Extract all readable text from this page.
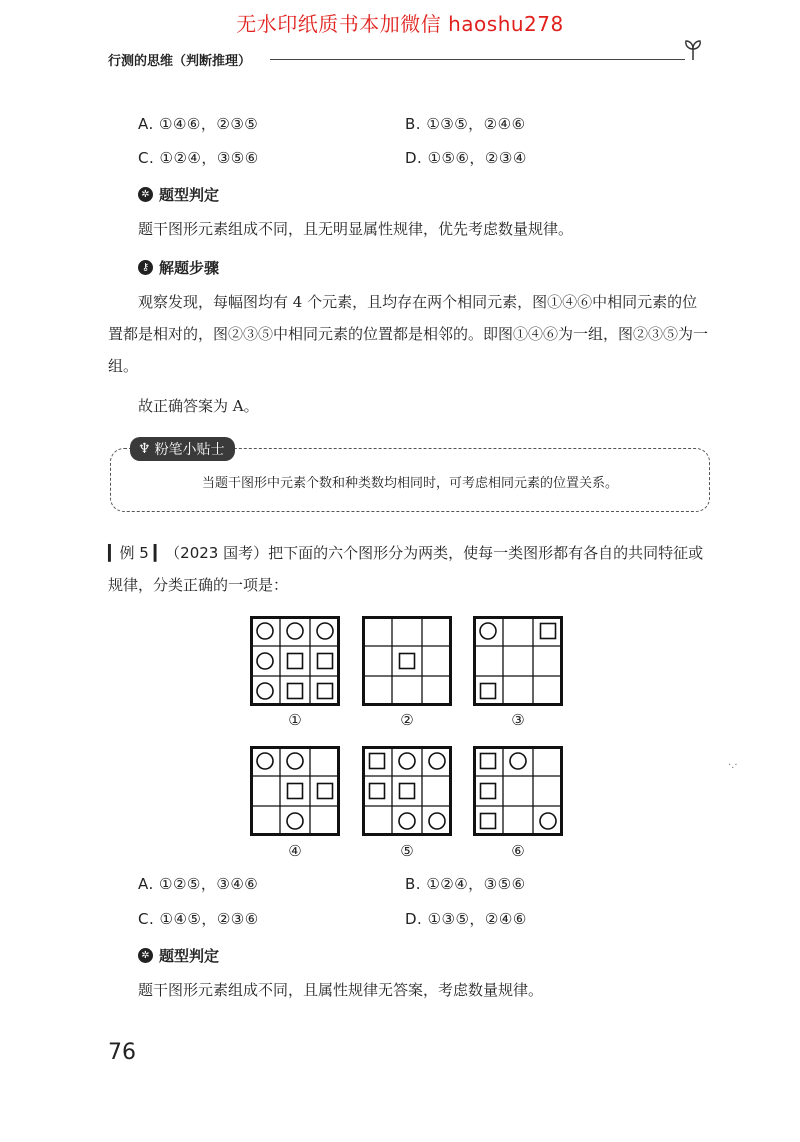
无水印纸质书本加微信 haoshu278
行测的思维（判断推理）
A. ①④⑥，②③⑤	B. ①③⑤，②④⑥
C. ①②④，③⑤⑥	D. ①⑤⑥，②③④
✲ 题型判定
题干图形元素组成不同，且无明显属性规律，优先考虑数量规律。
⚷ 解题步骤
观察发现，每幅图均有 4 个元素，且均存在两个相同元素，图①④⑥中相同元素的位置都是相对的，图②③⑤中相同元素的位置都是相邻的。即图①④⑥为一组，图②③⑤为一组。
故正确答案为 A。
♆ 粉笔小贴士
当题干图形中元素个数和种类数均相同时，可考虑相同元素的位置关系。
▎例 5 ▎（2023 国考）把下面的六个图形分为两类，使每一类图形都有各自的共同特征或规律，分类正确的一项是：
①	②	③
④	⑤	⑥
A. ①②⑤，③④⑥	B. ①②④，③⑤⑥
C. ①④⑤，②③⑥	D. ①③⑤，②④⑥
✲ 题型判定
题干图形元素组成不同，且属性规律无答案，考虑数量规律。
76
·.·
